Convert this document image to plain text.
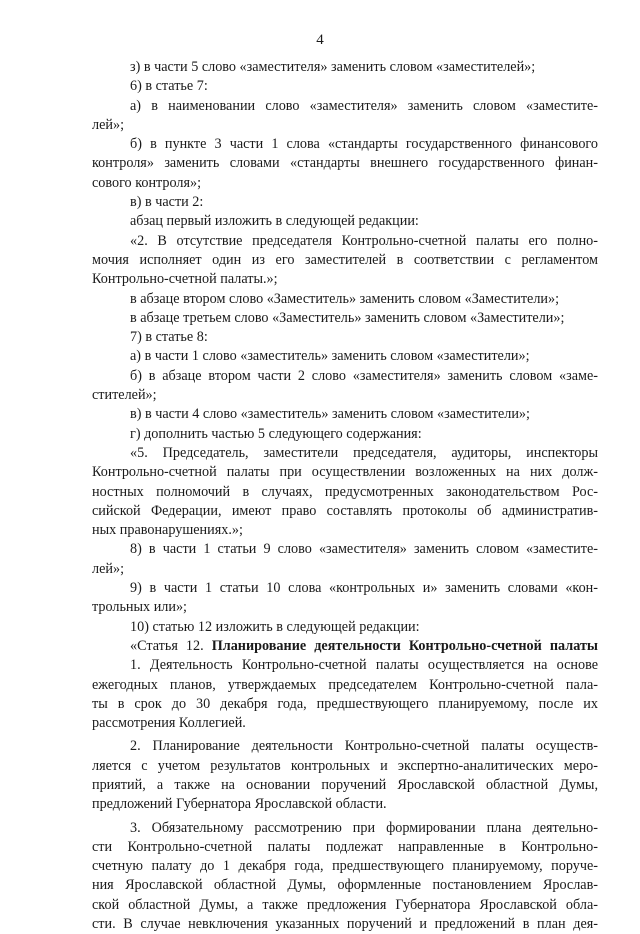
4
з) в части 5 слово «заместителя» заменить словом «заместителей»;
6) в статье 7:
а) в наименовании слово «заместителя» заменить словом «заместите-
лей»;
б) в пункте 3 части 1 слова «стандарты государственного финансового
контроля» заменить словами «стандарты внешнего государственного финан-
сового контроля»;
в) в части 2:
абзац первый изложить в следующей редакции:
«2. В отсутствие председателя Контрольно-счетной палаты его полно-
мочия исполняет один из его заместителей в соответствии с регламентом
Контрольно-счетной палаты.»;
в абзаце втором слово «Заместитель» заменить словом «Заместители»;
в абзаце третьем слово «Заместитель» заменить словом «Заместители»;
7) в статье 8:
а) в части 1 слово «заместитель» заменить словом «заместители»;
б) в абзаце втором части 2 слово «заместителя» заменить словом «заме-
стителей»;
в) в части 4 слово «заместитель» заменить словом «заместители»;
г) дополнить частью 5 следующего содержания:
«5. Председатель, заместители председателя, аудиторы, инспекторы
Контрольно-счетной палаты при осуществлении возложенных на них долж-
ностных полномочий в случаях, предусмотренных законодательством Рос-
сийской Федерации, имеют право составлять протоколы об административ-
ных правонарушениях.»;
8) в части 1 статьи 9 слово «заместителя» заменить словом «заместите-
лей»;
9) в части 1 статьи 10 слова «контрольных и» заменить словами «кон-
трольных или»;
10) статью 12 изложить в следующей редакции:
«Статья 12. Планирование деятельности Контрольно-счетной палаты
1. Деятельность Контрольно-счетной палаты осуществляется на основе
ежегодных планов, утверждаемых председателем Контрольно-счетной пала-
ты в срок до 30 декабря года, предшествующего планируемому, после их
рассмотрения Коллегией.
2. Планирование деятельности Контрольно-счетной палаты осуществ-
ляется с учетом результатов контрольных и экспертно-аналитических меро-
приятий, а также на основании поручений Ярославской областной Думы,
предложений Губернатора Ярославской области.
3. Обязательному рассмотрению при формировании плана деятельно-
сти Контрольно-счетной палаты подлежат направленные в Контрольно-
счетную палату до 1 декабря года, предшествующего планируемому, поруче-
ния Ярославской областной Думы, оформленные постановлением Ярослав-
ской областной Думы, а также предложения Губернатора Ярославской обла-
сти. В случае невключения указанных поручений и предложений в план дея-
